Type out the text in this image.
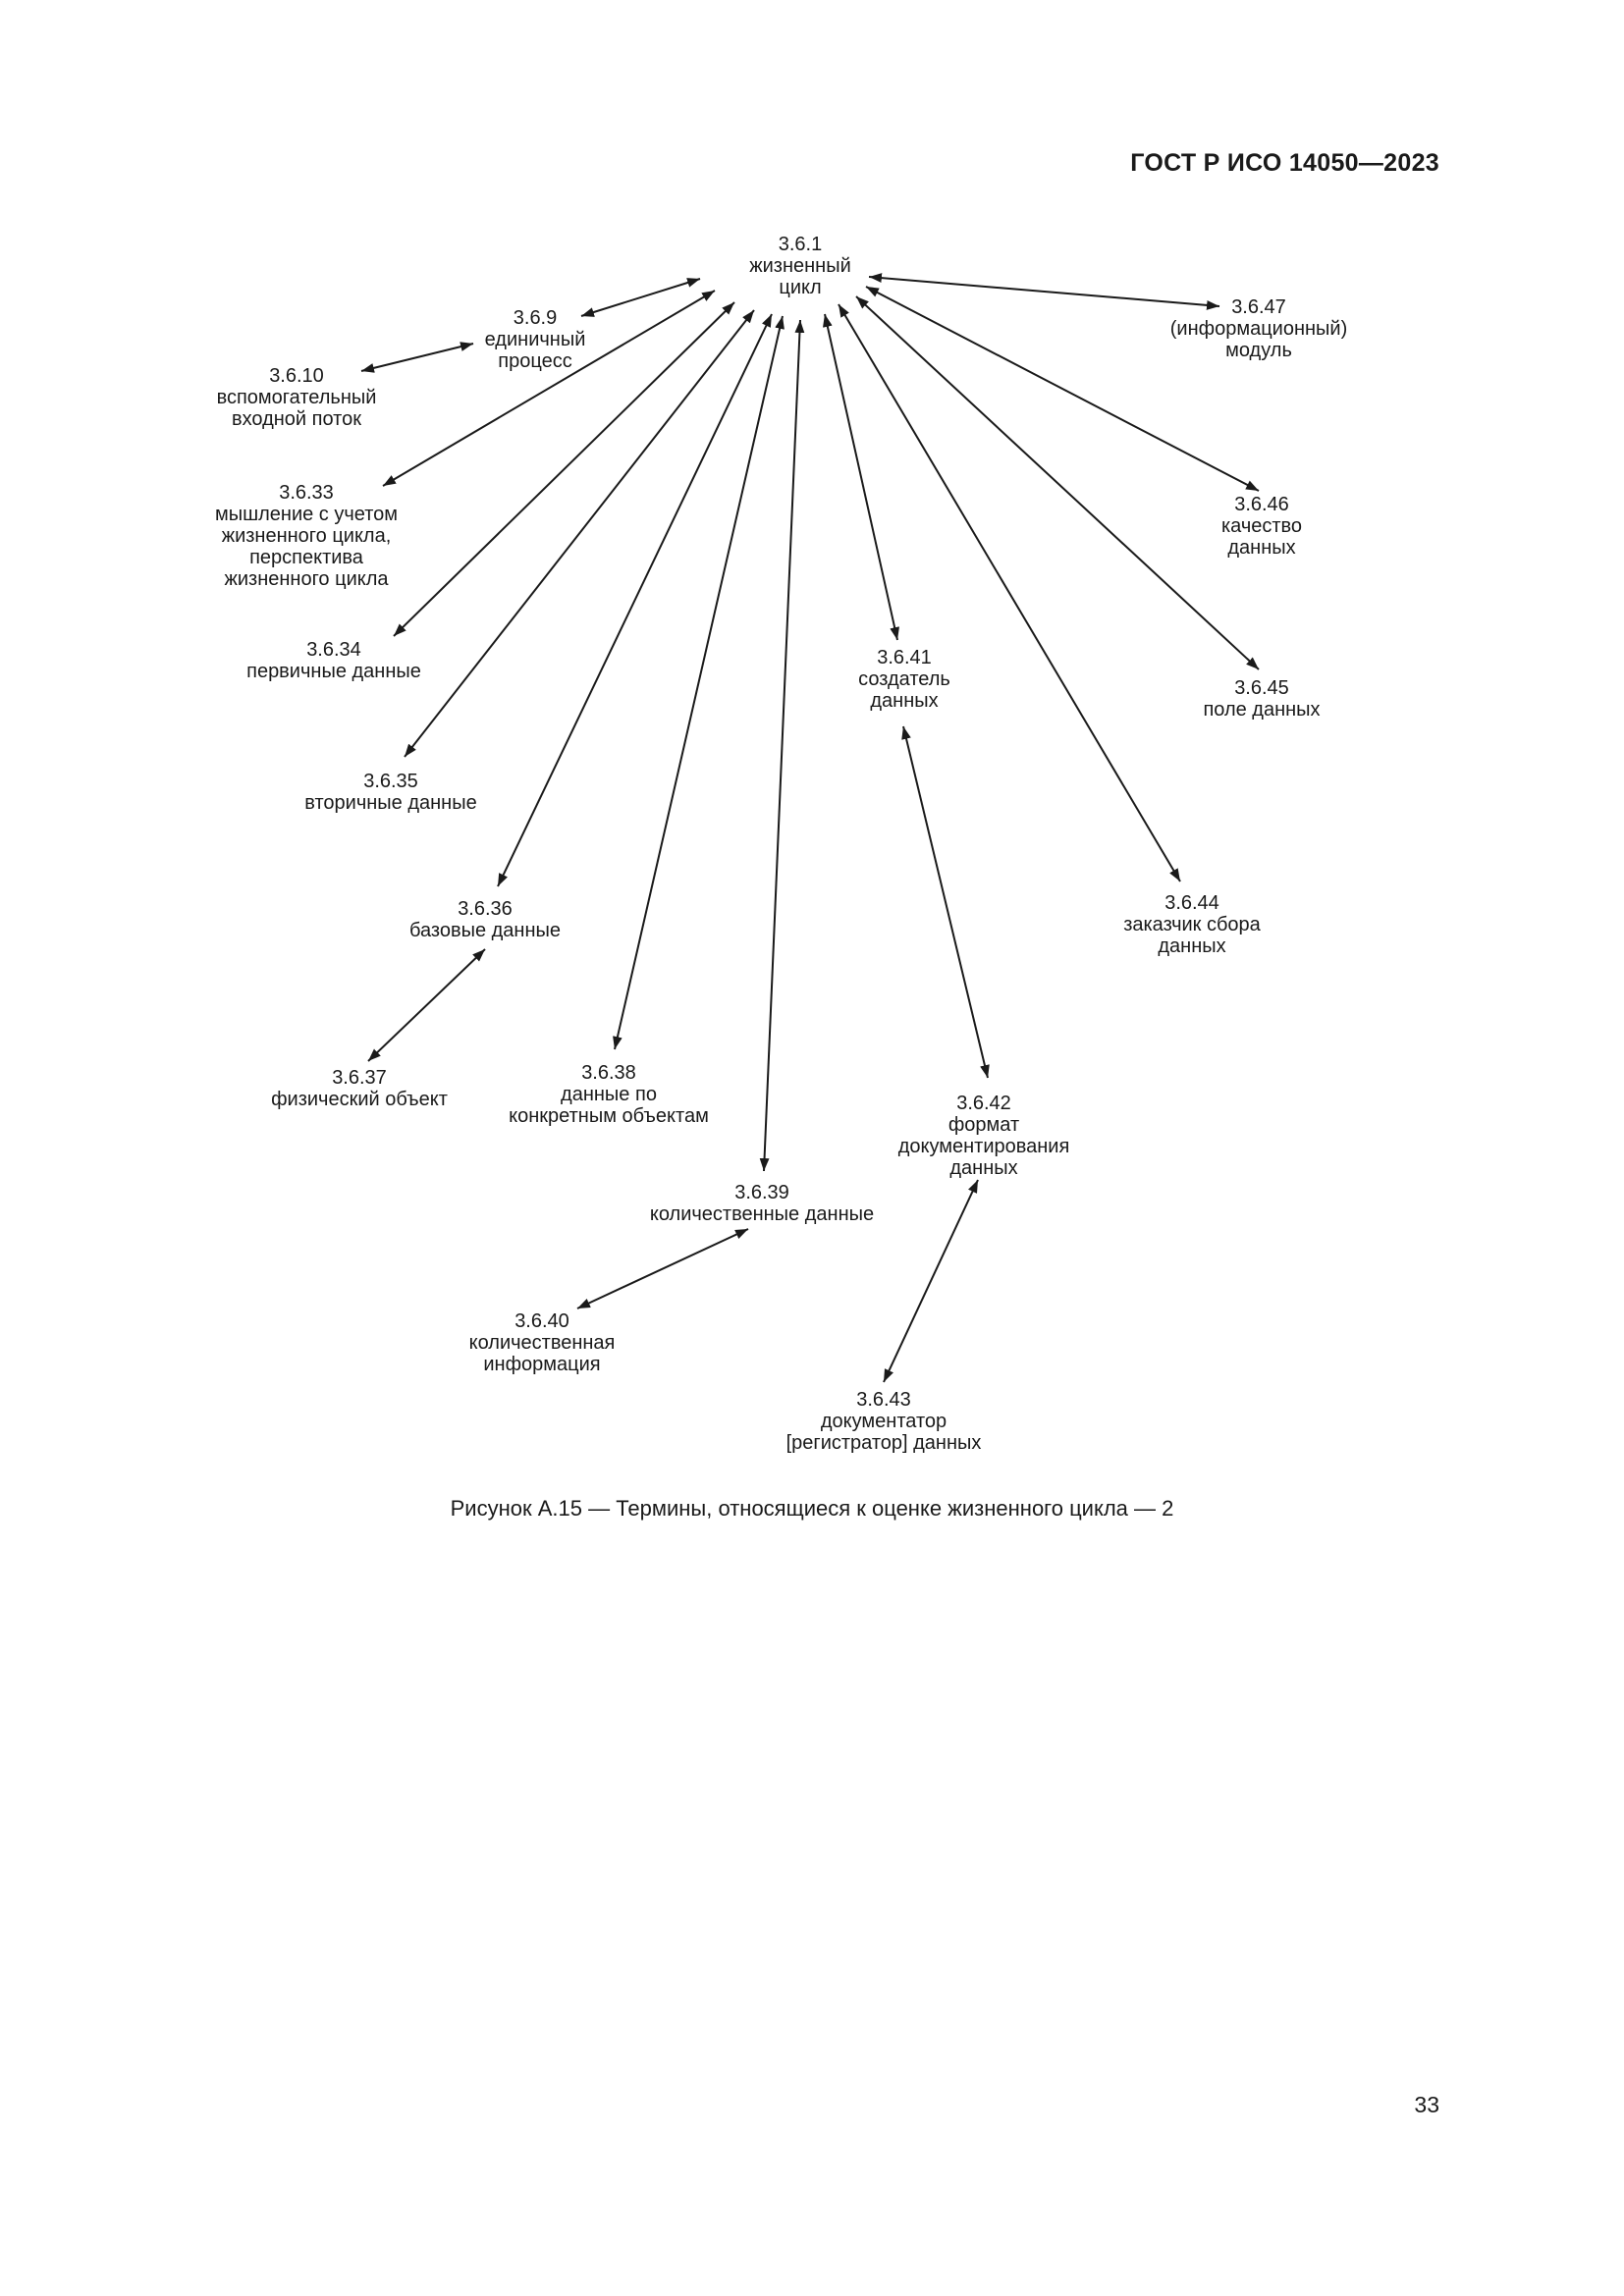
ГОСТ Р ИСО 14050—2023
3.6.1
жизненный
цикл
3.6.9
единичный
процесс
3.6.10
вспомогательный
входной поток
3.6.33
мышление с учетом
жизненного цикла,
перспектива
жизненного цикла
3.6.34
первичные данные
3.6.35
вторичные данные
3.6.36
базовые данные
3.6.37
физический объект
3.6.38
данные по
конкретным объектам
3.6.39
количественные данные
3.6.40
количественная
информация
3.6.41
создатель
данных
3.6.42
формат
документирования
данных
3.6.43
документатор
[регистратор] данных
3.6.44
заказчик сбора
данных
3.6.45
поле данных
3.6.46
качество
данных
3.6.47
(информационный)
модуль
Рисунок А.15 — Термины, относящиеся к оценке жизненного цикла — 2
33
